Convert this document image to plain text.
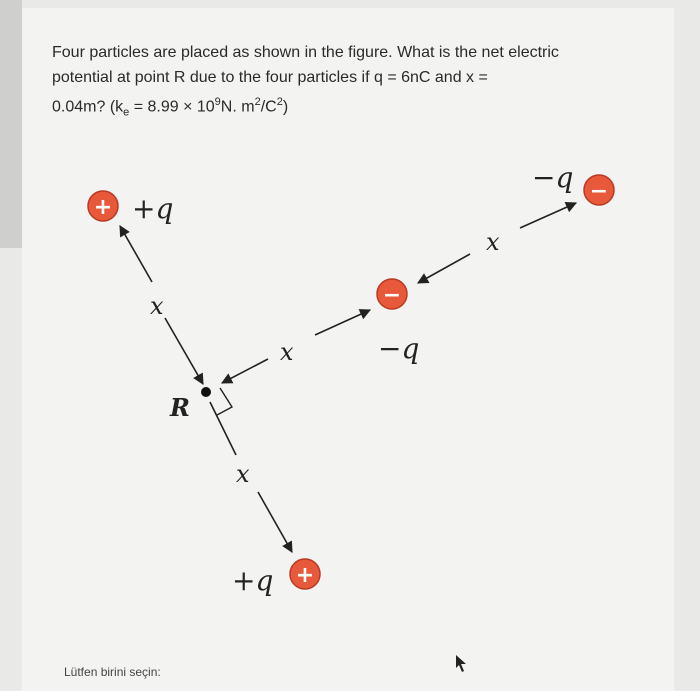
Four particles are placed as shown in the figure. What is the net electric
potential at point R due to the four particles if q = 6nC and x =
0.04m? ($k_e = 8.99 \times 10^9N$. $m^2/C^2$)
R
x
x
x
x
+ +q
+q +
−
−q
−q −
Lütfen birini seçin:
